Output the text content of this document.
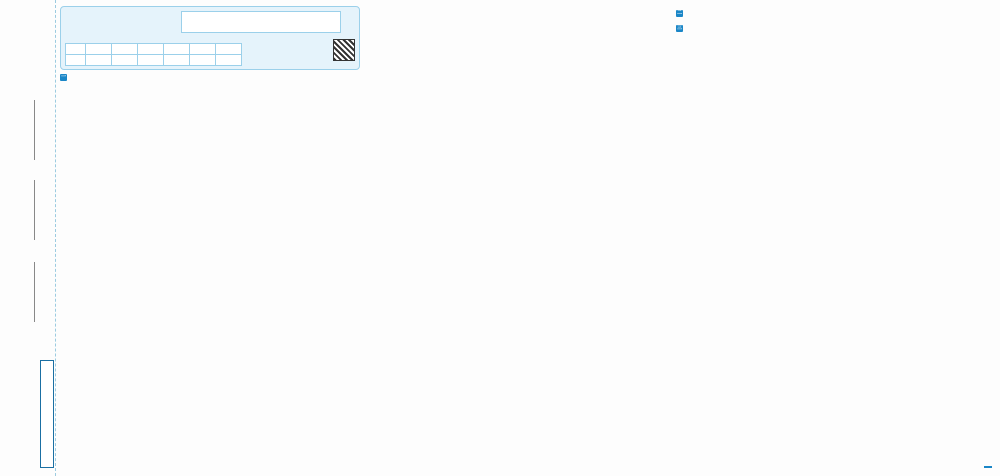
一
二
三
